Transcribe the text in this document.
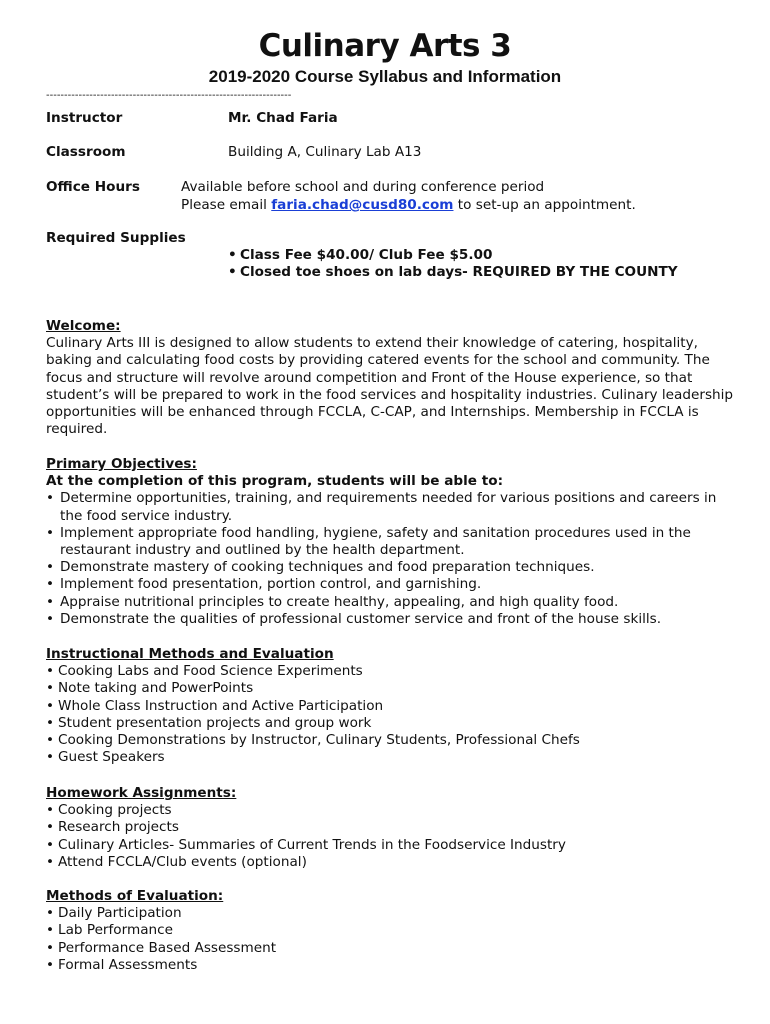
Culinary Arts 3
2019-2020 Course Syllabus and Information
--------------------------------------------------------------------
Instructor	Mr. Chad Faria
Classroom	Building A, Culinary Lab A13
Office Hours	Available before school and during conference period
Please email faria.chad@cusd80.com to set-up an appointment.
Required Supplies
• Class Fee $40.00/ Club Fee $5.00
• Closed toe shoes on lab days- REQUIRED BY THE COUNTY
Welcome:
Culinary Arts III is designed to allow students to extend their knowledge of catering, hospitality, baking and calculating food costs by providing catered events for the school and community. The focus and structure will revolve around competition and Front of the House experience, so that student’s will be prepared to work in the food services and hospitality industries. Culinary leadership opportunities will be enhanced through FCCLA, C-CAP, and Internships. Membership in FCCLA is required.
Primary Objectives:
At the completion of this program, students will be able to:
• Determine opportunities, training, and requirements needed for various positions and careers in the food service industry.
• Implement appropriate food handling, hygiene, safety and sanitation procedures used in the restaurant industry and outlined by the health department.
• Demonstrate mastery of cooking techniques and food preparation techniques.
• Implement food presentation, portion control, and garnishing.
• Appraise nutritional principles to create healthy, appealing, and high quality food.
• Demonstrate the qualities of professional customer service and front of the house skills.
Instructional Methods and Evaluation
• Cooking Labs and Food Science Experiments
• Note taking and PowerPoints
• Whole Class Instruction and Active Participation
• Student presentation projects and group work
• Cooking Demonstrations by Instructor, Culinary Students, Professional Chefs
• Guest Speakers
Homework Assignments:
• Cooking projects
• Research projects
• Culinary Articles- Summaries of Current Trends in the Foodservice Industry
• Attend FCCLA/Club events (optional)
Methods of Evaluation:
• Daily Participation
• Lab Performance
• Performance Based Assessment
• Formal Assessments
